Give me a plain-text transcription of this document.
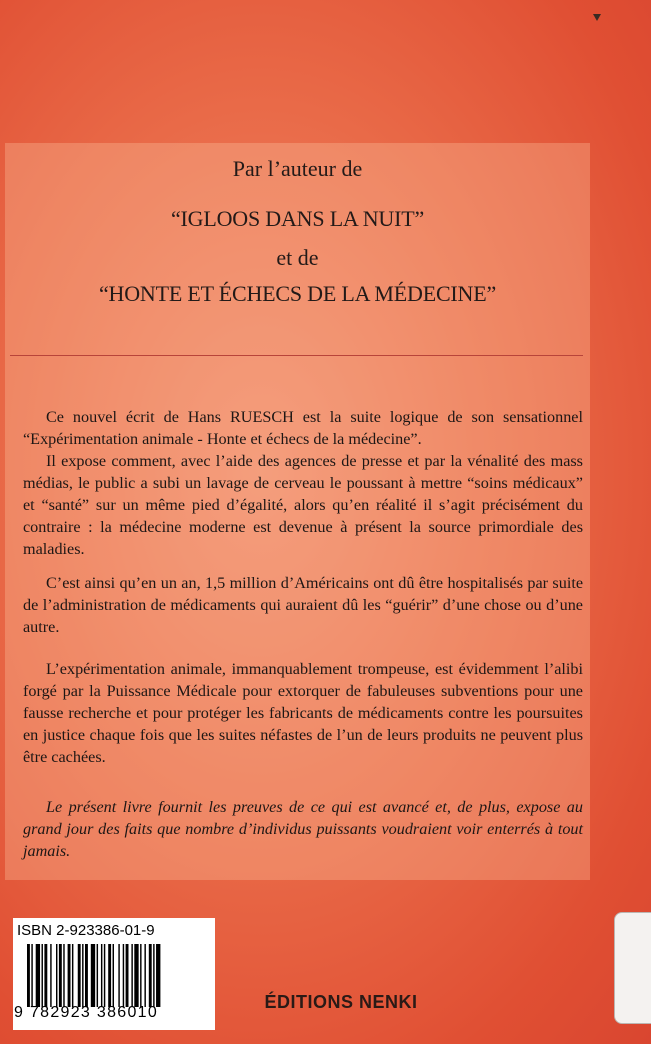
Par l’auteur de
“IGLOOS DANS LA NUIT”
et de
“HONTE ET ÉCHECS DE LA MÉDECINE”

Ce nouvel écrit de Hans RUESCH est la suite logique de son sensationnel “Expérimentation animale - Honte et échecs de la médecine”.

Il expose comment, avec l’aide des agences de presse et par la vénalité des mass médias, le public a subi un lavage de cerveau le poussant à mettre “soins médicaux” et “santé” sur un même pied d’égalité, alors qu’en réalité il s’agit précisément du contraire : la médecine moderne est devenue à présent la source primordiale des maladies.

C’est ainsi qu’en un an, 1,5 million d’Américains ont dû être hospitalisés par suite de l’administration de médicaments qui auraient dû les “guérir” d’une chose ou d’une autre.

L’expérimentation animale, immanquablement trompeuse, est évidemment l’alibi forgé par la Puissance Médicale pour extorquer de fabuleuses subventions pour une fausse recherche et pour protéger les fabricants de médicaments contre les poursuites en justice chaque fois que les suites néfastes de l’un de leurs produits ne peuvent plus être cachées.

Le présent livre fournit les preuves de ce qui est avancé et, de plus, expose au grand jour des faits que nombre d’individus puissants voudraient voir enterrés à tout jamais.

ISBN 2-923386-01-9
9 782923 386010
ÉDITIONS NENKI
